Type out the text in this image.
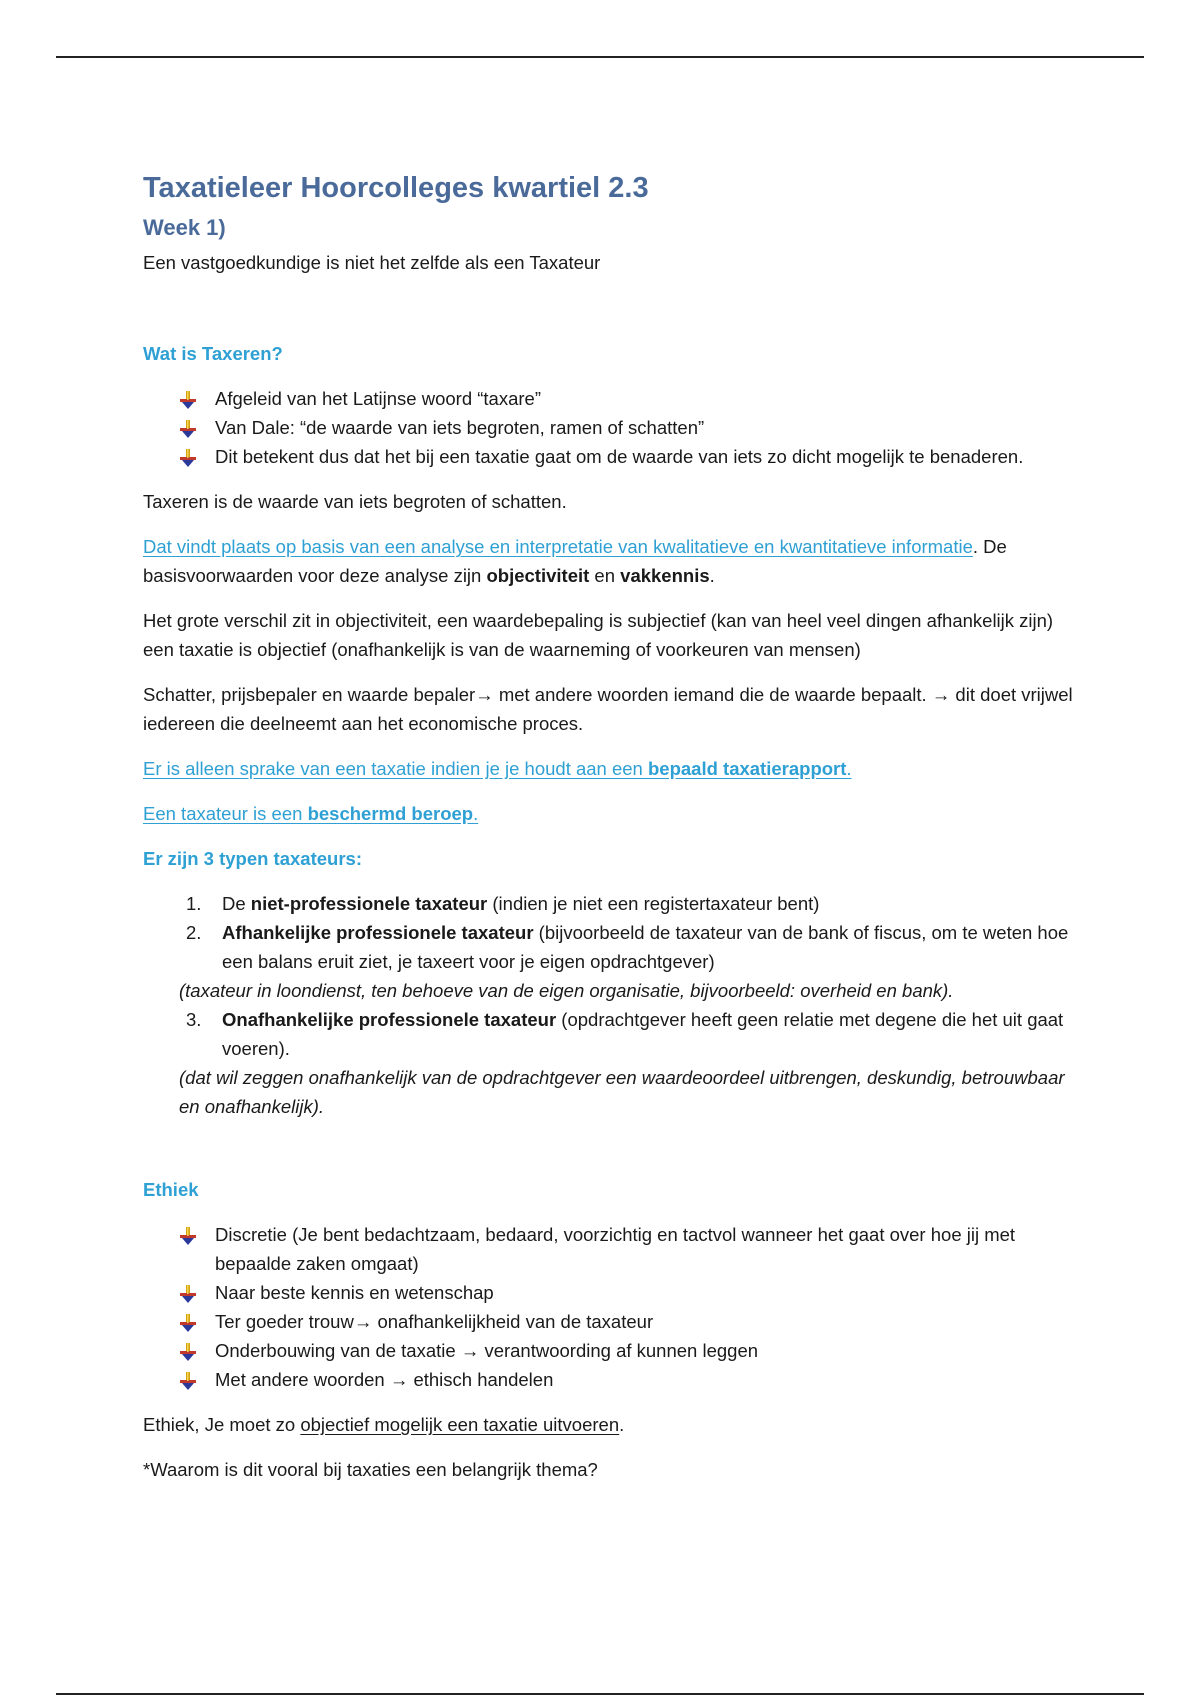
Taxatieleer Hoorcolleges kwartiel 2.3
Week 1)

Een vastgoedkundige is niet het zelfde als een Taxateur

Wat is Taxeren?

Afgeleid van het Latijnse woord “taxare”
Van Dale: “de waarde van iets begroten, ramen of schatten”
Dit betekent dus dat het bij een taxatie gaat om de waarde van iets zo dicht mogelijk te benaderen.

Taxeren is de waarde van iets begroten of schatten.

Dat vindt plaats op basis van een analyse en interpretatie van kwalitatieve en kwantitatieve informatie. De basisvoorwaarden voor deze analyse zijn objectiviteit en vakkennis.

Het grote verschil zit in objectiviteit, een waardebepaling is subjectief (kan van heel veel dingen afhankelijk zijn) een taxatie is objectief (onafhankelijk is van de waarneming of voorkeuren van mensen)

Schatter, prijsbepaler en waarde bepaler→ met andere woorden iemand die de waarde bepaalt. → dit doet vrijwel iedereen die deelneemt aan het economische proces.

Er is alleen sprake van een taxatie indien je je houdt aan een bepaald taxatierapport.

Een taxateur is een beschermd beroep.

Er zijn 3 typen taxateurs:

1. De niet-professionele taxateur (indien je niet een registertaxateur bent)
2. Afhankelijke professionele taxateur (bijvoorbeeld de taxateur van de bank of fiscus, om te weten hoe een balans eruit ziet, je taxeert voor je eigen opdrachtgever)

(taxateur in loondienst, ten behoeve van de eigen organisatie, bijvoorbeeld: overheid en bank).

3. Onafhankelijke professionele taxateur (opdrachtgever heeft geen relatie met degene die het uit gaat voeren).

(dat wil zeggen onafhankelijk van de opdrachtgever een waardeoordeel uitbrengen, deskundig, betrouwbaar en onafhankelijk).

Ethiek

Discretie (Je bent bedachtzaam, bedaard, voorzichtig en tactvol wanneer het gaat over hoe jij met bepaalde zaken omgaat)
Naar beste kennis en wetenschap
Ter goeder trouw→ onafhankelijkheid van de taxateur
Onderbouwing van de taxatie → verantwoording af kunnen leggen
Met andere woorden → ethisch handelen

Ethiek, Je moet zo objectief mogelijk een taxatie uitvoeren.

*Waarom is dit vooral bij taxaties een belangrijk thema?
